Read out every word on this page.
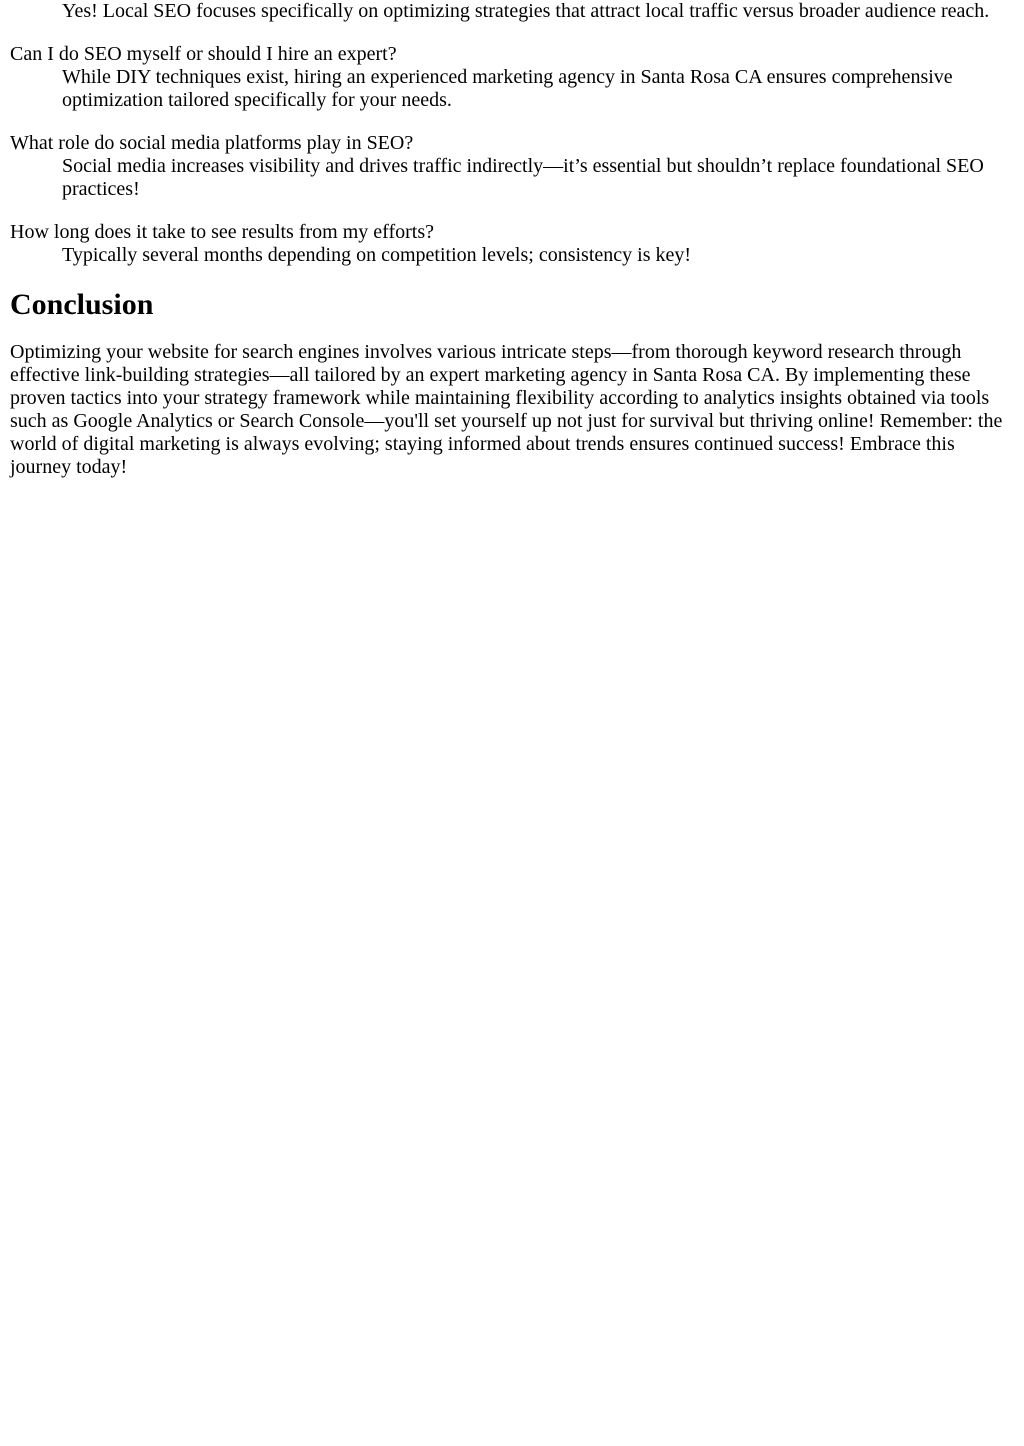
Yes! Local SEO focuses specifically on optimizing strategies that attract local traffic versus broader audience reach.
Can I do SEO myself or should I hire an expert?
While DIY techniques exist, hiring an experienced marketing agency in Santa Rosa CA ensures comprehensive optimization tailored specifically for your needs.
What role do social media platforms play in SEO?
Social media increases visibility and drives traffic indirectly—it’s essential but shouldn’t replace foundational SEO practices!
How long does it take to see results from my efforts?
Typically several months depending on competition levels; consistency is key!
Conclusion

Optimizing your website for search engines involves various intricate steps—from thorough keyword research through effective link-building strategies—all tailored by an expert marketing agency in Santa Rosa CA. By implementing these proven tactics into your strategy framework while maintaining flexibility according to analytics insights obtained via tools such as Google Analytics or Search Console—you'll set yourself up not just for survival but thriving online! Remember: the world of digital marketing is always evolving; staying informed about trends ensures continued success! Embrace this journey today!
